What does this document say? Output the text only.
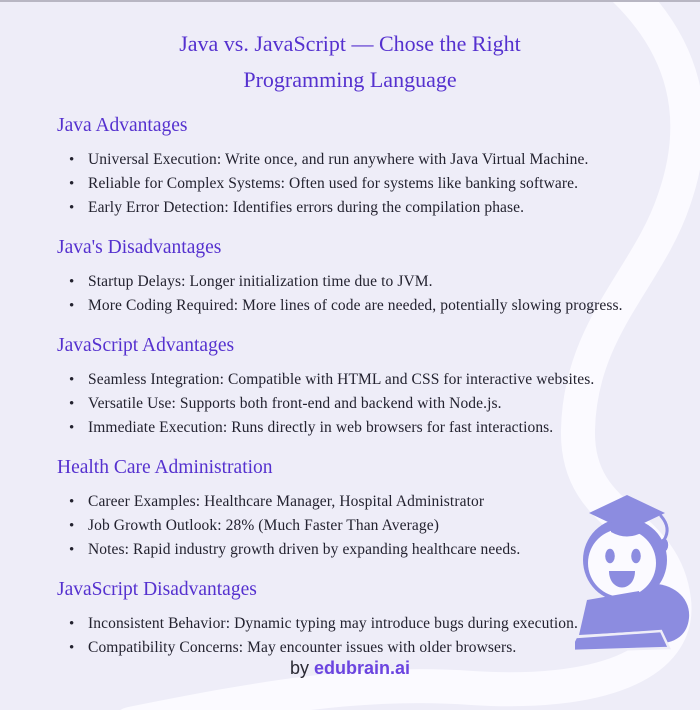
Java vs. JavaScript — Chose the Right
Programming Language
Java Advantages
• Universal Execution: Write once, and run anywhere with Java Virtual Machine.
• Reliable for Complex Systems: Often used for systems like banking software.
• Early Error Detection: Identifies errors during the compilation phase.
Java's Disadvantages
• Startup Delays: Longer initialization time due to JVM.
• More Coding Required: More lines of code are needed, potentially slowing progress.
JavaScript Advantages
• Seamless Integration: Compatible with HTML and CSS for interactive websites.
• Versatile Use: Supports both front-end and backend with Node.js.
• Immediate Execution: Runs directly in web browsers for fast interactions.
Health Care Administration
• Career Examples: Healthcare Manager, Hospital Administrator
• Job Growth Outlook: 28% (Much Faster Than Average)
• Notes: Rapid industry growth driven by expanding healthcare needs.
JavaScript Disadvantages
• Inconsistent Behavior: Dynamic typing may introduce bugs during execution.
• Compatibility Concerns: May encounter issues with older browsers.
by edubrain.ai
